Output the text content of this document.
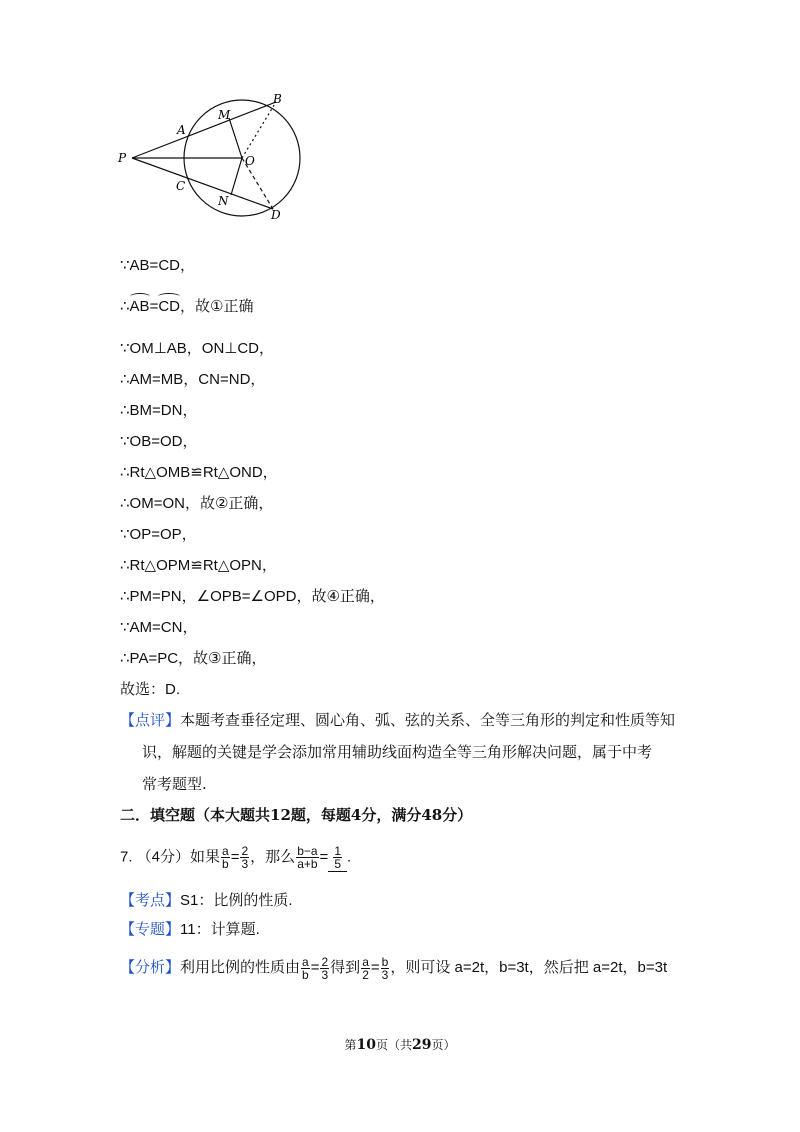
P
A
B
M
O
C
N
D
∵AB=CD，
∴AB=CD，故①正确
∵OM⊥AB，ON⊥CD，
∴AM=MB，CN=ND，
∴BM=DN，
∵OB=OD，
∴Rt△OMB≌Rt△OND，
∴OM=ON，故②正确，
∵OP=OP，
∴Rt△OPM≌Rt△OPN，
∴PM=PN，∠OPB=∠OPD，故④正确，
∵AM=CN，
∴PA=PC，故③正确，
故选：D.
【点评】本题考查垂径定理、圆心角、弧、弦的关系、全等三角形的判定和性质等知
识，解题的关键是学会添加常用辅助线面构造全等三角形解决问题，属于中考
常考题型.
二．填空题（本大题共12题，每题4分，满分48分）
7. （4分）如果 $\frac{a}{b} = \frac{2}{3}$ ，那么 $\frac{b-a}{a+b} = \frac{1}{5}$ .
【考点】S1：比例的性质.
【专题】11：计算题.
【分析】利用比例的性质由 $\frac{a}{b} = \frac{2}{3}$ 得到 $\frac{a}{2} = \frac{b}{3}$ ，则可设 a=2t，b=3t，然后把 a=2t，b=3t
第10页（共29页）
